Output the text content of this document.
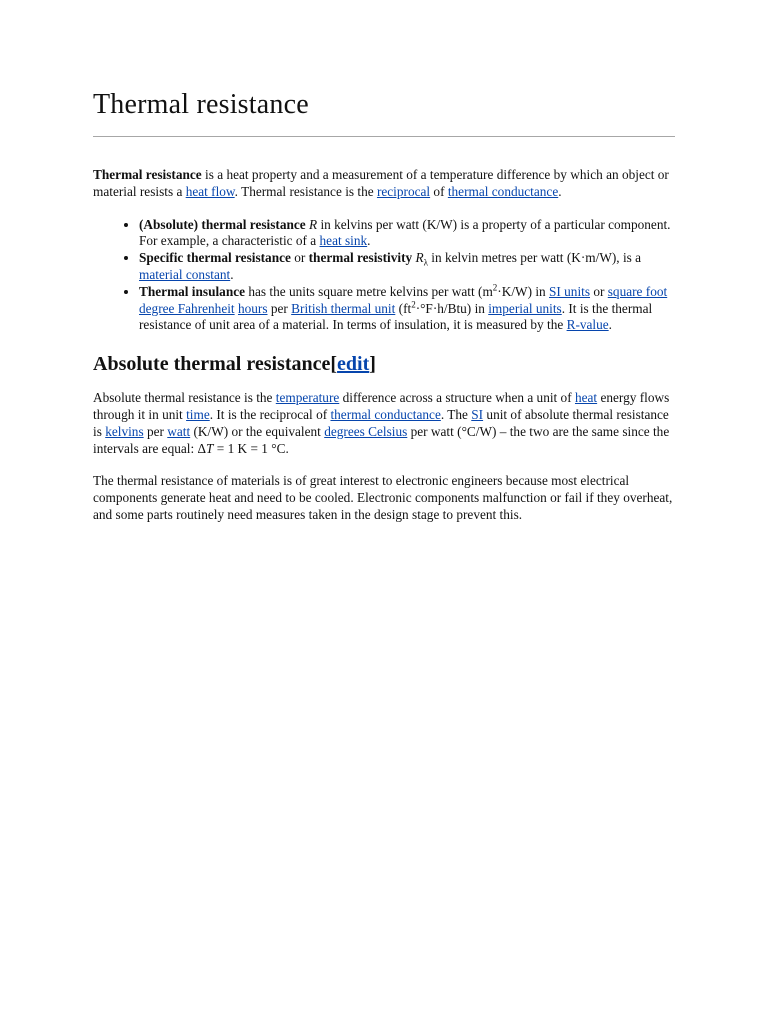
Thermal resistance

Thermal resistance is a heat property and a measurement of a temperature difference by which an object or material resists a heat flow. Thermal resistance is the reciprocal of thermal conductance.

• (Absolute) thermal resistance R in kelvins per watt (K/W) is a property of a particular component. For example, a characteristic of a heat sink.
• Specific thermal resistance or thermal resistivity $R_\lambda$ in kelvin metres per watt (K·m/W), is a material constant.
• Thermal insulance has the units square metre kelvins per watt $(m^2\cdot K/W)$ in SI units or square foot degree Fahrenheit hours per British thermal unit $(ft^2\cdot^\circ F\cdot h/Btu)$ in imperial units. It is the thermal resistance of unit area of a material. In terms of insulation, it is measured by the R-value.
Absolute thermal resistance[edit]

Absolute thermal resistance is the temperature difference across a structure when a unit of heat energy flows through it in unit time. It is the reciprocal of thermal conductance. The SI unit of absolute thermal resistance is kelvins per watt (K/W) or the equivalent degrees Celsius per watt (°C/W) – the two are the same since the intervals are equal: ΔT = 1 K = 1 °C.

The thermal resistance of materials is of great interest to electronic engineers because most electrical components generate heat and need to be cooled. Electronic components malfunction or fail if they overheat, and some parts routinely need measures taken in the design stage to prevent this.
